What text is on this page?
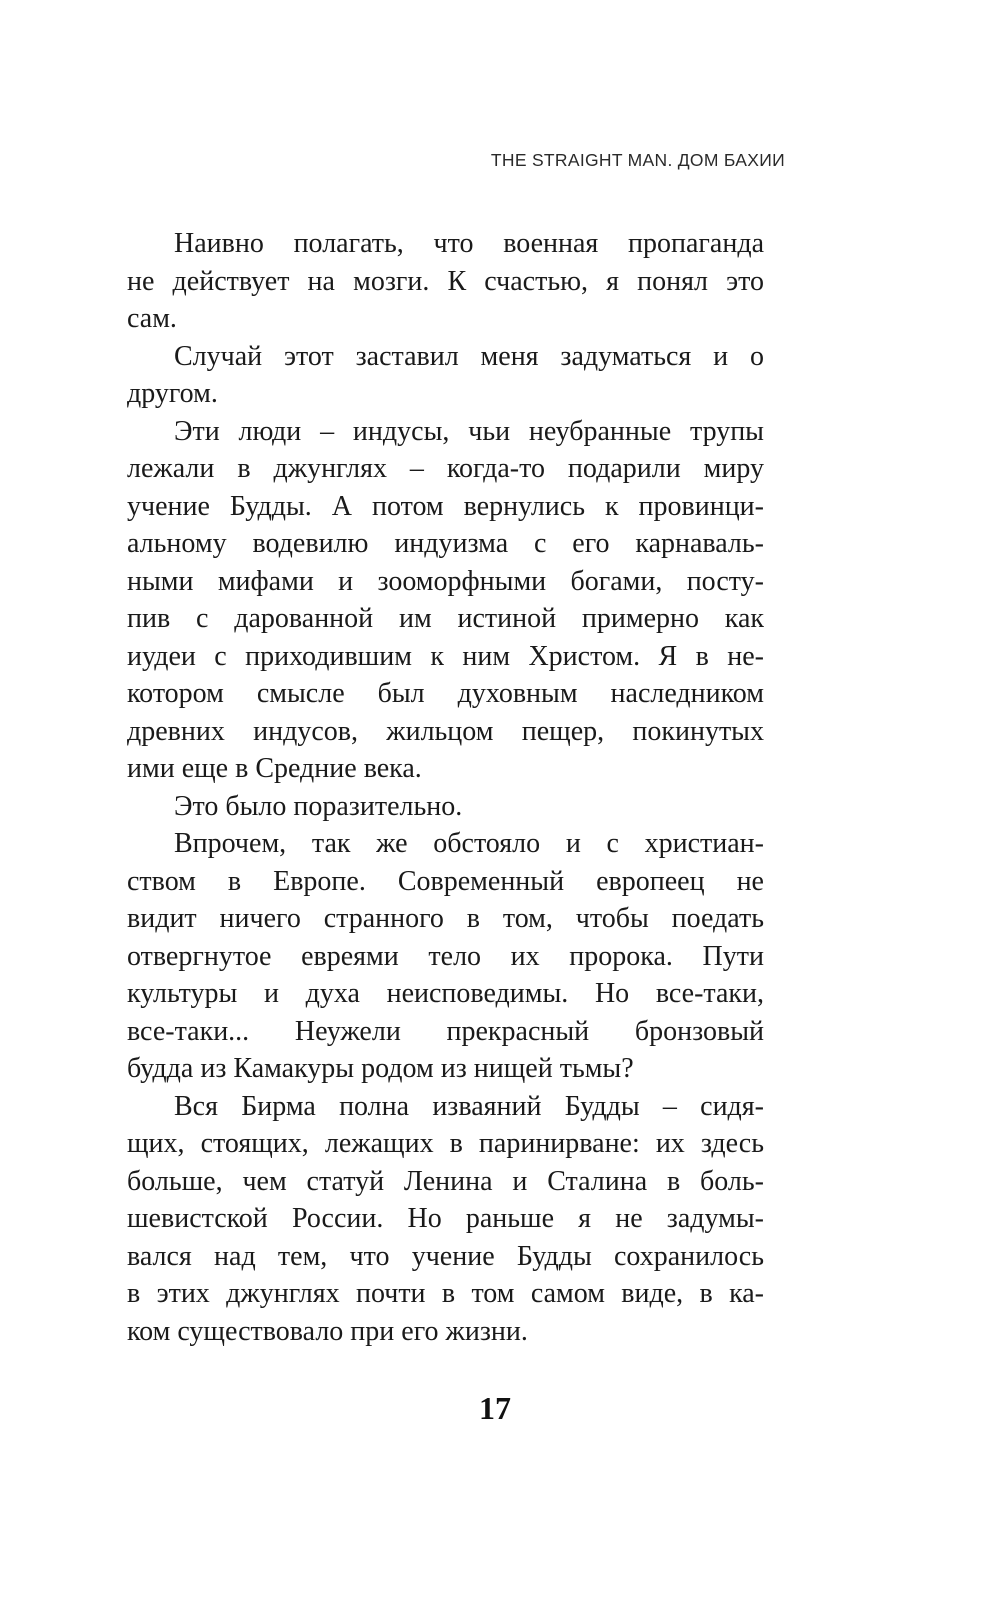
THE STRAIGHT MAN. ДОМ БАХИИ
Наивно полагать, что военная пропаганда
не действует на мозги. К счастью, я понял это
сам.
Случай этот заставил меня задуматься и о
другом.
Эти люди – индусы, чьи неубранные трупы
лежали в джунглях – когда-то подарили миру
учение Будды. А потом вернулись к провинци-
альному водевилю индуизма с его карнаваль-
ными мифами и зооморфными богами, посту-
пив с дарованной им истиной примерно как
иудеи с приходившим к ним Христом. Я в не-
котором смысле был духовным наследником
древних индусов, жильцом пещер, покинутых
ими еще в Средние века.
Это было поразительно.
Впрочем, так же обстояло и с христиан-
ством в Европе. Современный европеец не
видит ничего странного в том, чтобы поедать
отвергнутое евреями тело их пророка. Пути
культуры и духа неисповедимы. Но все-таки,
все-таки... Неужели прекрасный бронзовый
будда из Камакуры родом из нищей тьмы?
Вся Бирма полна изваяний Будды – сидя-
щих, стоящих, лежащих в паринирване: их здесь
больше, чем статуй Ленина и Сталина в боль-
шевистской России. Но раньше я не задумы-
вался над тем, что учение Будды сохранилось
в этих джунглях почти в том самом виде, в ка-
ком существовало при его жизни.
17
